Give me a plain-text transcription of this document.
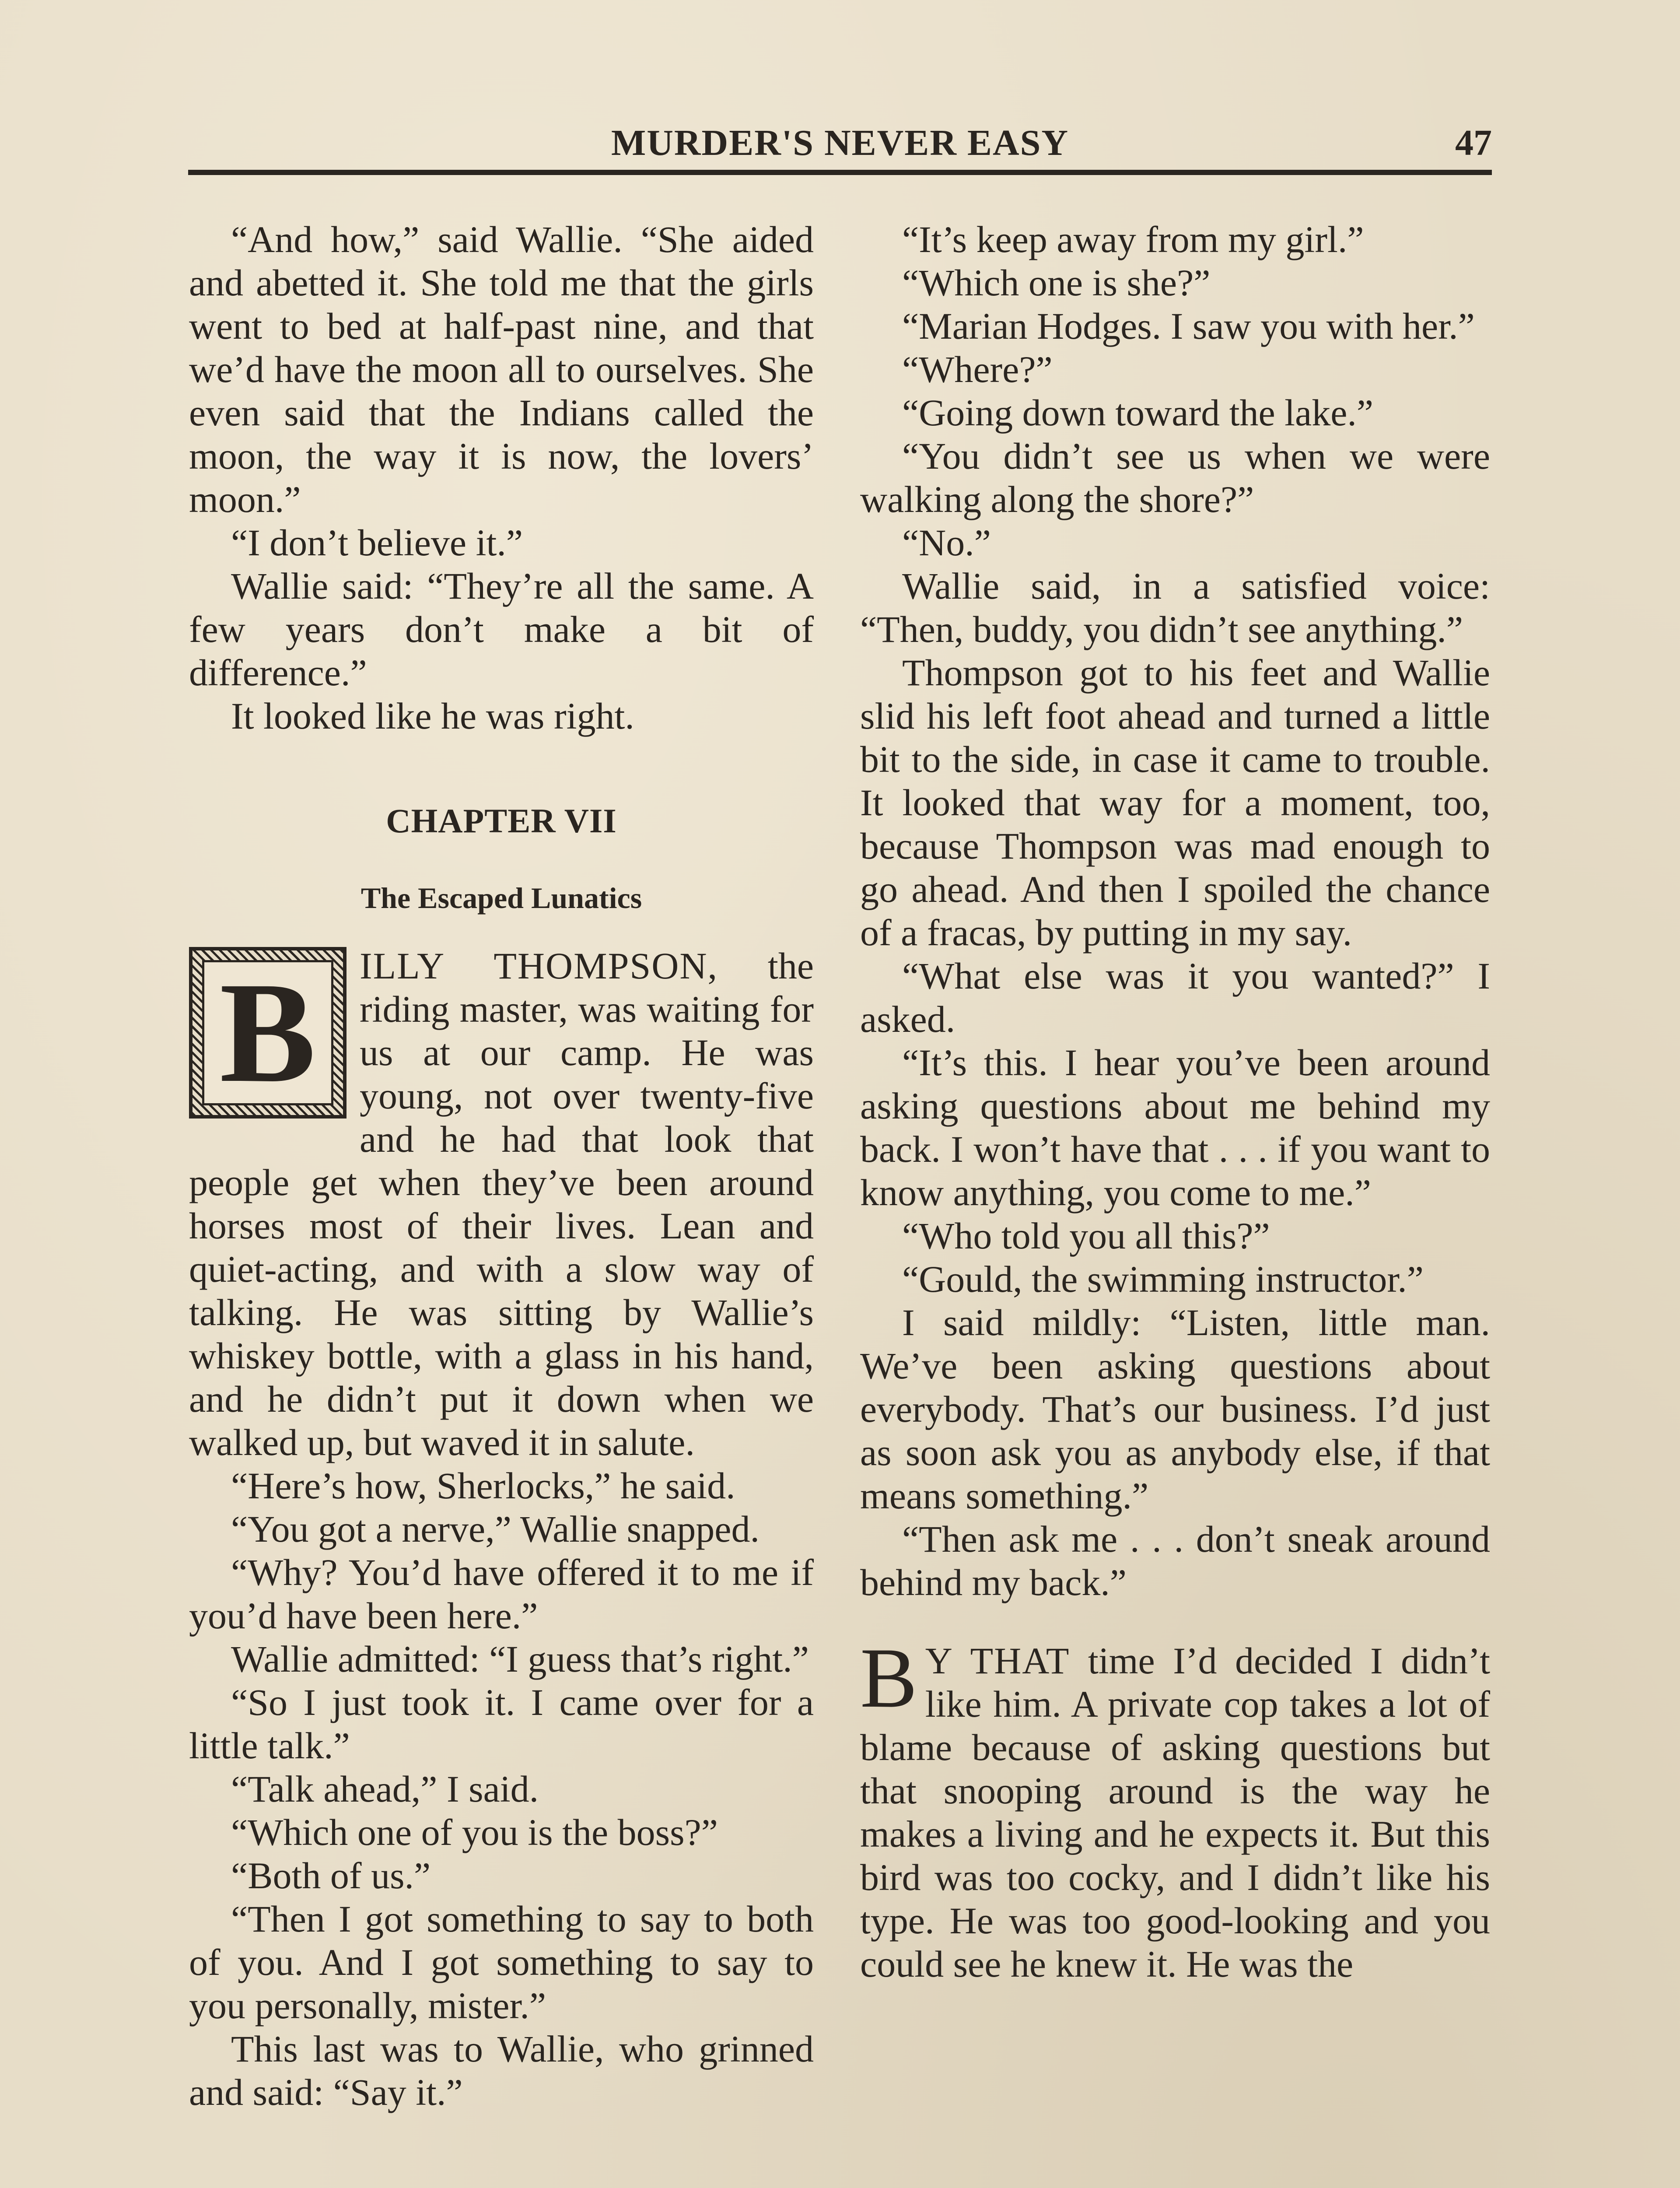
MURDER'S NEVER EASY	47

“And how,” said Wallie. “She aided and abetted it. She told me that the girls went to bed at half-past nine, and that we’d have the moon all to ourselves. She even said that the Indians called the moon, the way it is now, the lovers’ moon.”

“I don’t believe it.”

Wallie said: “They’re all the same. A few years don’t make a bit of difference.”

It looked like he was right.

CHAPTER VII
The Escaped Lunatics

B ILLY THOMPSON, the riding master, was waiting for us at our camp. He was young, not over twenty-five and he had that look that people get when they’ve been around horses most of their lives. Lean and quiet-acting, and with a slow way of talking. He was sitting by Wallie’s whiskey bottle, with a glass in his hand, and he didn’t put it down when we walked up, but waved it in salute.

“Here’s how, Sherlocks,” he said.

“You got a nerve,” Wallie snapped.

“Why? You’d have offered it to me if you’d have been here.”

Wallie admitted: “I guess that’s right.”

“So I just took it. I came over for a little talk.”

“Talk ahead,” I said.

“Which one of you is the boss?”

“Both of us.”

“Then I got something to say to both of you. And I got something to say to you personally, mister.”

This last was to Wallie, who grinned and said: “Say it.”

“It’s keep away from my girl.”

“Which one is she?”

“Marian Hodges. I saw you with her.”

“Where?”

“Going down toward the lake.”

“You didn’t see us when we were walking along the shore?”

“No.”

Wallie said, in a satisfied voice: “Then, buddy, you didn’t see anything.”

Thompson got to his feet and Wallie slid his left foot ahead and turned a little bit to the side, in case it came to trouble. It looked that way for a moment, too, because Thompson was mad enough to go ahead. And then I spoiled the chance of a fracas, by putting in my say.

“What else was it you wanted?” I asked.

“It’s this. I hear you’ve been around asking questions about me behind my back. I won’t have that . . . if you want to know anything, you come to me.”

“Who told you all this?”

“Gould, the swimming instructor.”

I said mildly: “Listen, little man. We’ve been asking questions about everybody. That’s our business. I’d just as soon ask you as anybody else, if that means something.”

“Then ask me . . . don’t sneak around behind my back.”

B Y THAT time I’d decided I didn’t like him. A private cop takes a lot of blame because of asking questions but that snooping around is the way he makes a living and he expects it. But this bird was too cocky, and I didn’t like his type. He was too good-looking and you could see he knew it. He was the
